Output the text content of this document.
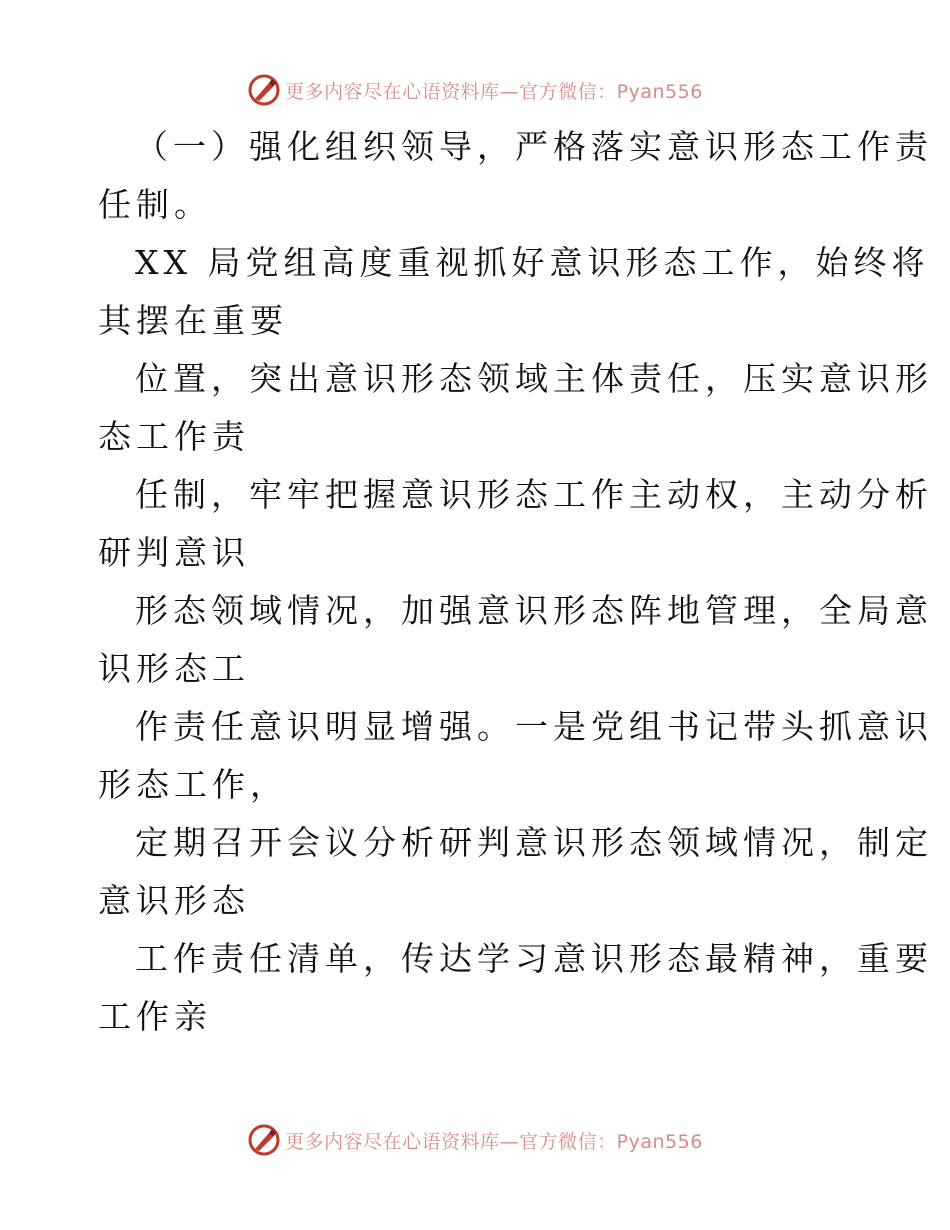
更多内容尽在心语资料库—官方微信：Pyan556
（一）强化组织领导，严格落实意识形态工作责
任制。
XX 局党组高度重视抓好意识形态工作，始终将
其摆在重要
位置，突出意识形态领域主体责任，压实意识形
态工作责
任制，牢牢把握意识形态工作主动权，主动分析
研判意识
形态领域情况，加强意识形态阵地管理，全局意
识形态工
作责任意识明显增强。一是党组书记带头抓意识
形态工作，
定期召开会议分析研判意识形态领域情况，制定
意识形态
工作责任清单，传达学习意识形态最精神，重要
工作亲
更多内容尽在心语资料库—官方微信：Pyan556
